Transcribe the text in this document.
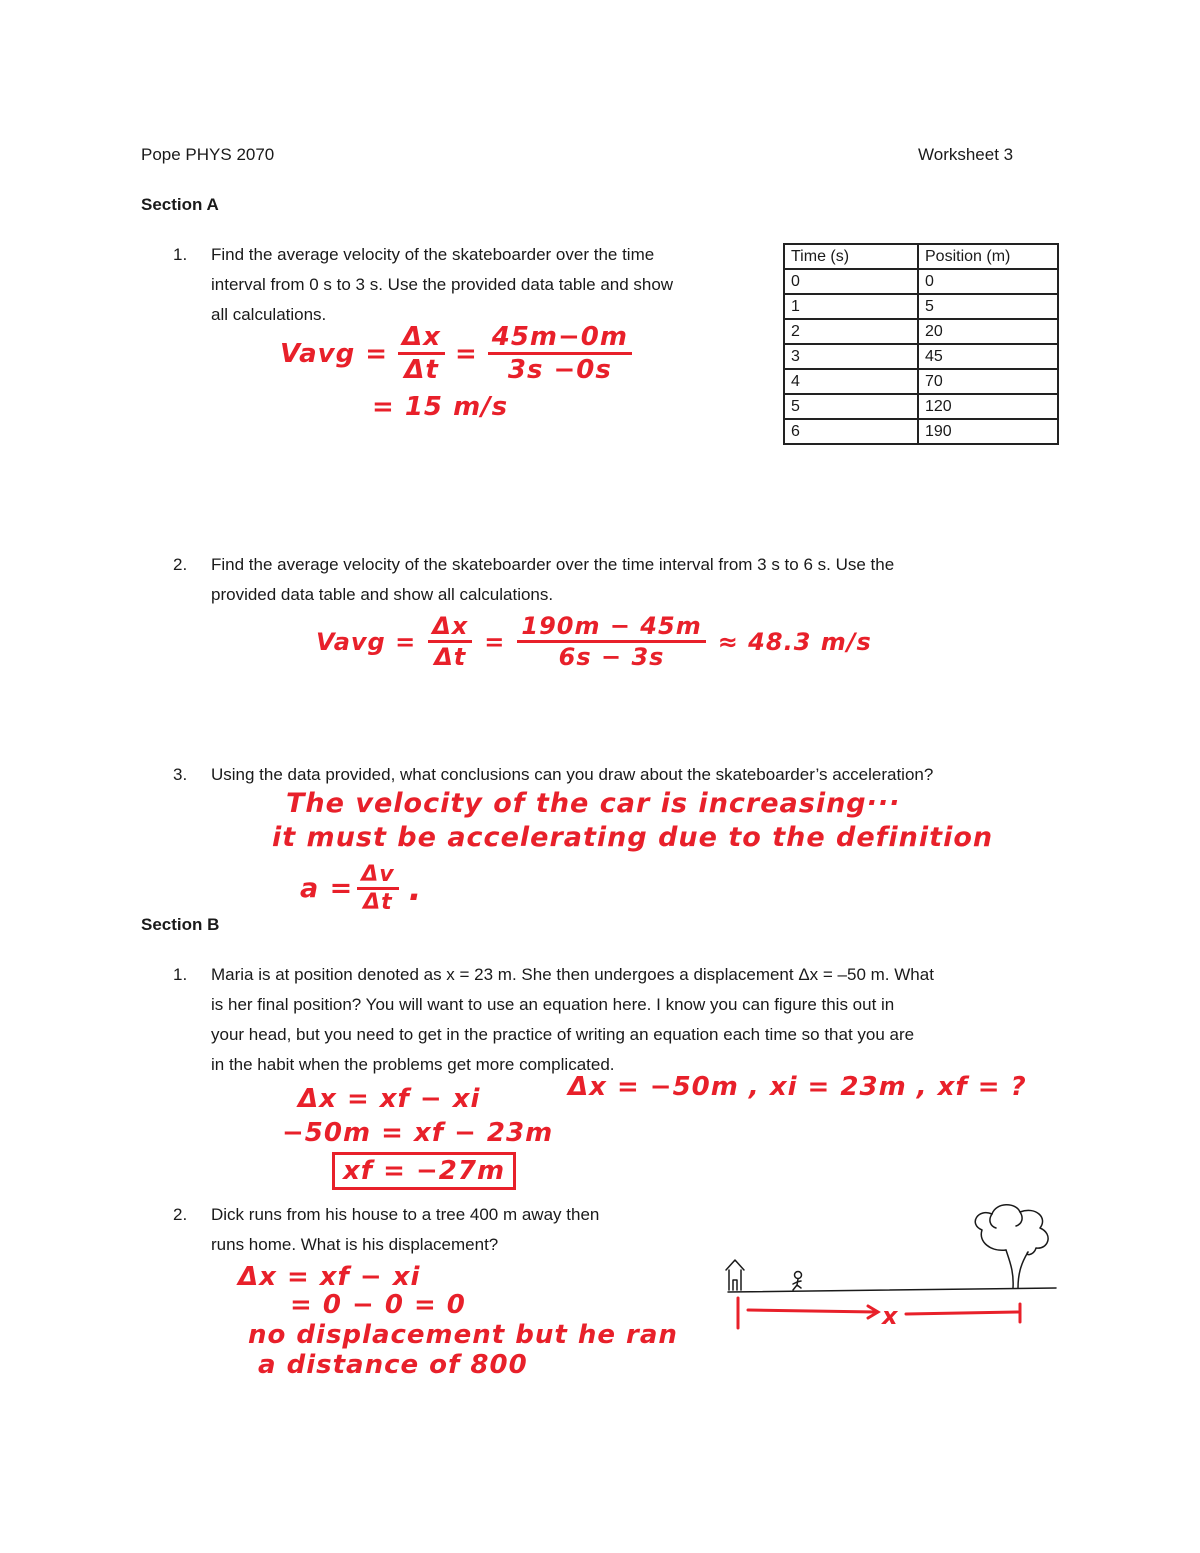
Pope PHYS 2070	Worksheet 3
Section A
1.	Find the average velocity of the skateboarder over the time
interval from 0 s to 3 s. Use the provided data table and show
all calculations.
Vavg = $\frac{\Delta x}{\Delta t} = \frac{45m-0m}{3s -0s}$
= 15 m/s
Time (s)	Position (m)
0	0
1	5
2	20
3	45
4	70
5	120
6	190
2.	Find the average velocity of the skateboarder over the time interval from 3 s to 6 s. Use the
provided data table and show all calculations.
Vavg = $\frac{\Delta x}{\Delta t} = \frac{190m - 45m}{6s - 3s} \approx 48.3$ m/s
3.	Using the data provided, what conclusions can you draw about the skateboarder’s acceleration?
The velocity of the car is increasing···
it must be accelerating due to the definition
$a = \frac{\Delta v}{\Delta t}$ .
Section B
1.	Maria is at position denoted as x = 23 m. She then undergoes a displacement Δx = –50 m. What
is her final position? You will want to use an equation here. I know you can figure this out in
your head, but you need to get in the practice of writing an equation each time so that you are
in the habit when the problems get more complicated.
Δx = xf − xi	Δx = −50m , xi = 23m , xf = ?
−50m = xf − 23m
xf = −27m
2.	Dick runs from his house to a tree 400 m away then
runs home. What is his displacement?
Δx = xf − xi
= 0 − 0 = 0
no displacement but he ran
a distance of 800
x
